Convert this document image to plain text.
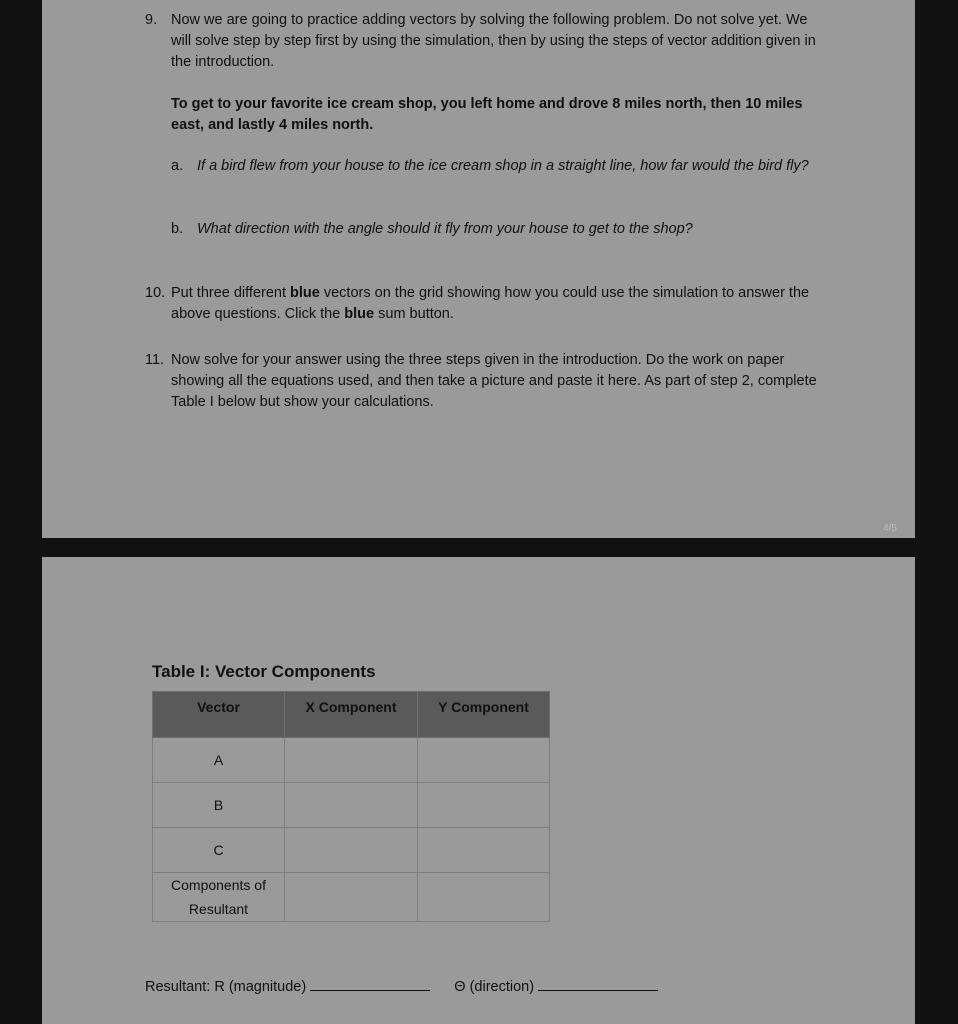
9. Now we are going to practice adding vectors by solving the following problem. Do not solve yet. We will solve step by step first by using the simulation, then by using the steps of vector addition given in the introduction.
To get to your favorite ice cream shop, you left home and drove 8 miles north, then 10 miles east, and lastly 4 miles north.
a. If a bird flew from your house to the ice cream shop in a straight line, how far would the bird fly?
b. What direction with the angle should it fly from your house to get to the shop?
10. Put three different blue vectors on the grid showing how you could use the simulation to answer the above questions. Click the blue sum button.
11. Now solve for your answer using the three steps given in the introduction. Do the work on paper showing all the equations used, and then take a picture and paste it here. As part of step 2, complete Table I below but show your calculations.
4/5
Table I: Vector Components
Vector	X Component	Y Component
A		
B		
C		
Components of Resultant		
Resultant: R (magnitude)	Θ (direction)
